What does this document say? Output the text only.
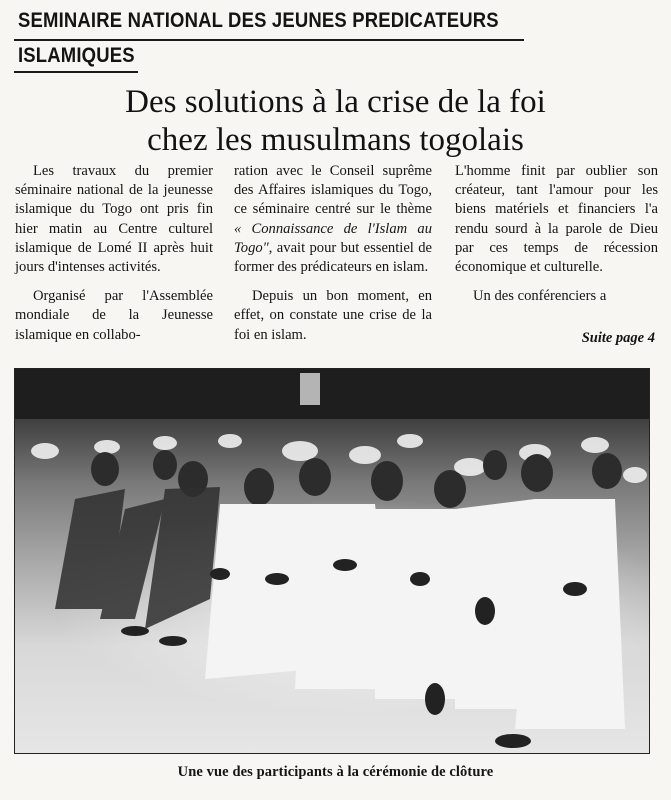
SEMINAIRE NATIONAL DES JEUNES PREDICATEURS
ISLAMIQUES
Des solutions à la crise de la foi
chez les musulmans togolais

Les travaux du premier séminaire national de la jeunesse islamique du Togo ont pris fin hier matin au Centre culturel islamique de Lomé II après huit jours d'intenses activités.

Organisé par l'Assemblée mondiale de la Jeunesse islamique en collabo-

ration avec le Conseil suprême des Affaires islamiques du Togo, ce séminaire centré sur le thème « Connaissance de l'Islam au Togo", avait pour but essentiel de former des prédicateurs en islam.

Depuis un bon moment, en effet, on constate une crise de la foi en islam.

L'homme finit par oublier son créateur, tant l'amour pour les biens matériels et financiers l'a rendu sourd à la parole de Dieu par ces temps de récession économique et culturelle.

Un des conférenciers a

Suite page 4
Une vue des participants à la cérémonie de clôture
